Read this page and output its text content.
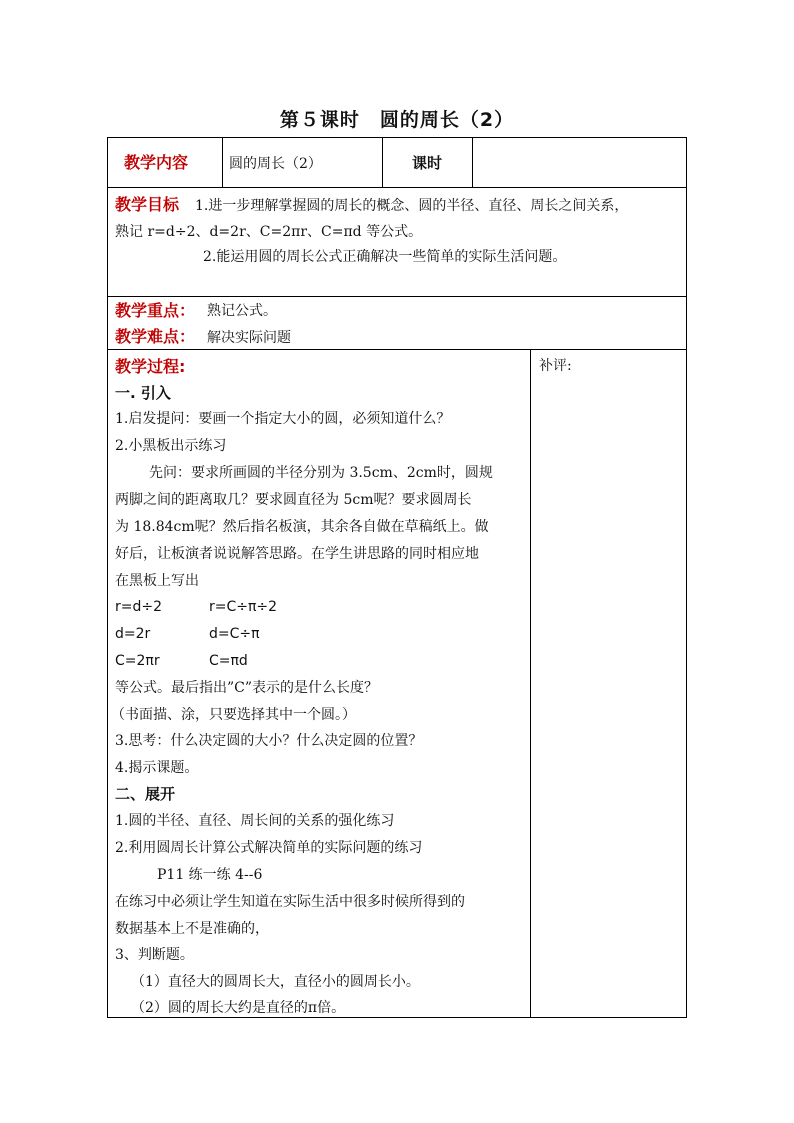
第５课时　圆的周长（2）
教学内容	圆的周长（2）	课时
教学目标 1.进一步理解掌握圆的周长的概念、圆的半径、直径、周长之间关系，
熟记 r=d÷2、d=2r、C=2πr、C=πd 等公式。
2.能运用圆的周长公式正确解决一些简单的实际生活问题。
教学重点： 熟记公式。
教学难点： 解决实际问题
教学过程:	补评:
一. 引入
1.启发提问：要画一个指定大小的圆，必须知道什么？
2.小黑板出示练习
先问：要求所画圆的半径分别为 3.5cm、2cm时，圆规
两脚之间的距离取几？要求圆直径为 5cm呢？要求圆周长
为 18.84cm呢？然后指名板演，其余各自做在草稿纸上。做
好后，让板演者说说解答思路。在学生讲思路的同时相应地
在黑板上写出
r=d÷2	r=C÷π÷2
d=2r	d=C÷π
C=2πr	C=πd
等公式。最后指出”C”表示的是什么长度？
（书面描、涂，只要选择其中一个圆。）
3.思考：什么决定圆的大小？什么决定圆的位置？
4.揭示课题。
二、展开
1.圆的半径、直径、周长间的关系的强化练习
2.利用圆周长计算公式解决简单的实际问题的练习
P11 练一练 4--6
在练习中必须让学生知道在实际生活中很多时候所得到的
数据基本上不是准确的，
3、判断题。
（1）直径大的圆周长大，直径小的圆周长小。
（2）圆的周长大约是直径的π倍。
